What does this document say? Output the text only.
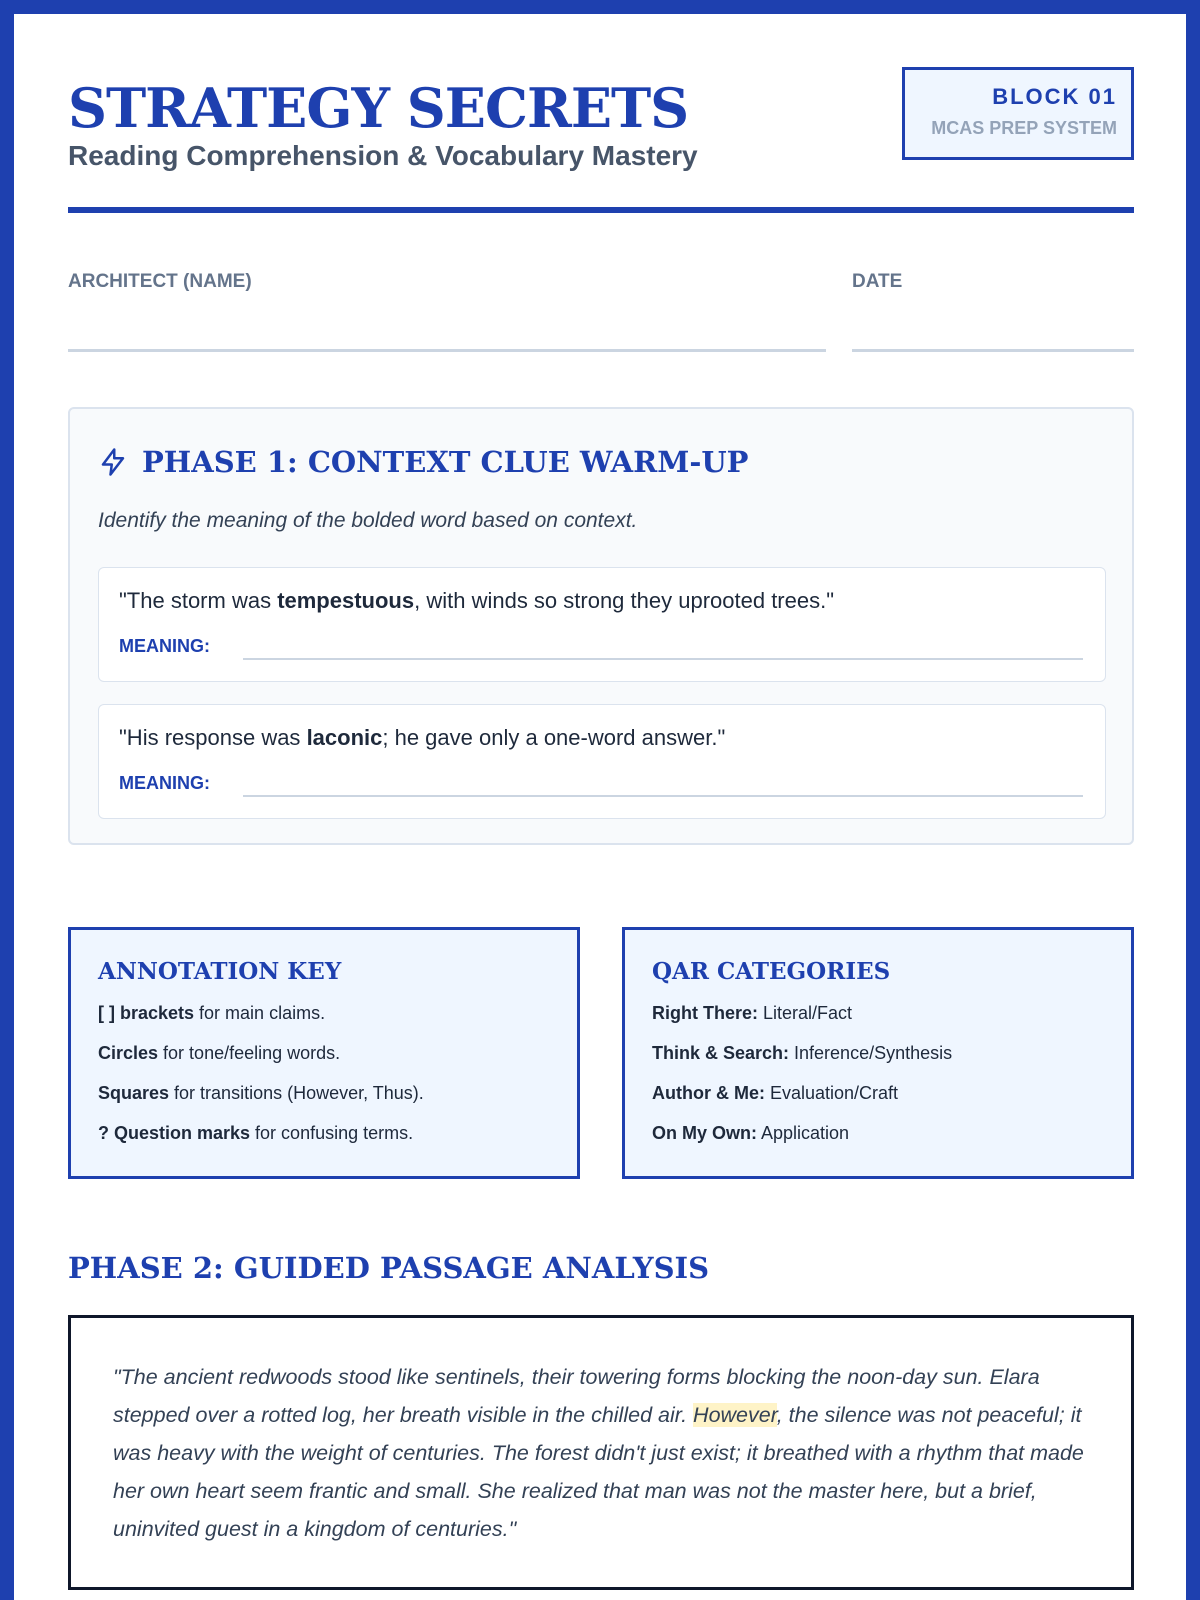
STRATEGY SECRETS
Reading Comprehension & Vocabulary Mastery
BLOCK 01
MCAS PREP SYSTEM
ARCHITECT (NAME)	DATE
PHASE 1: CONTEXT CLUE WARM-UP
Identify the meaning of the bolded word based on context.
"The storm was tempestuous, with winds so strong they uprooted trees."
MEANING:
"His response was laconic; he gave only a one-word answer."
MEANING:
ANNOTATION KEY
[ ] brackets for main claims.
Circles for tone/feeling words.
Squares for transitions (However, Thus).
? Question marks for confusing terms.
QAR CATEGORIES
Right There: Literal/Fact
Think & Search: Inference/Synthesis
Author & Me: Evaluation/Craft
On My Own: Application
PHASE 2: GUIDED PASSAGE ANALYSIS
"The ancient redwoods stood like sentinels, their towering forms blocking the noon-day sun. Elara stepped over a rotted log, her breath visible in the chilled air. However, the silence was not peaceful; it was heavy with the weight of centuries. The forest didn't just exist; it breathed with a rhythm that made her own heart seem frantic and small. She realized that man was not the master here, but a brief, uninvited guest in a kingdom of centuries."
